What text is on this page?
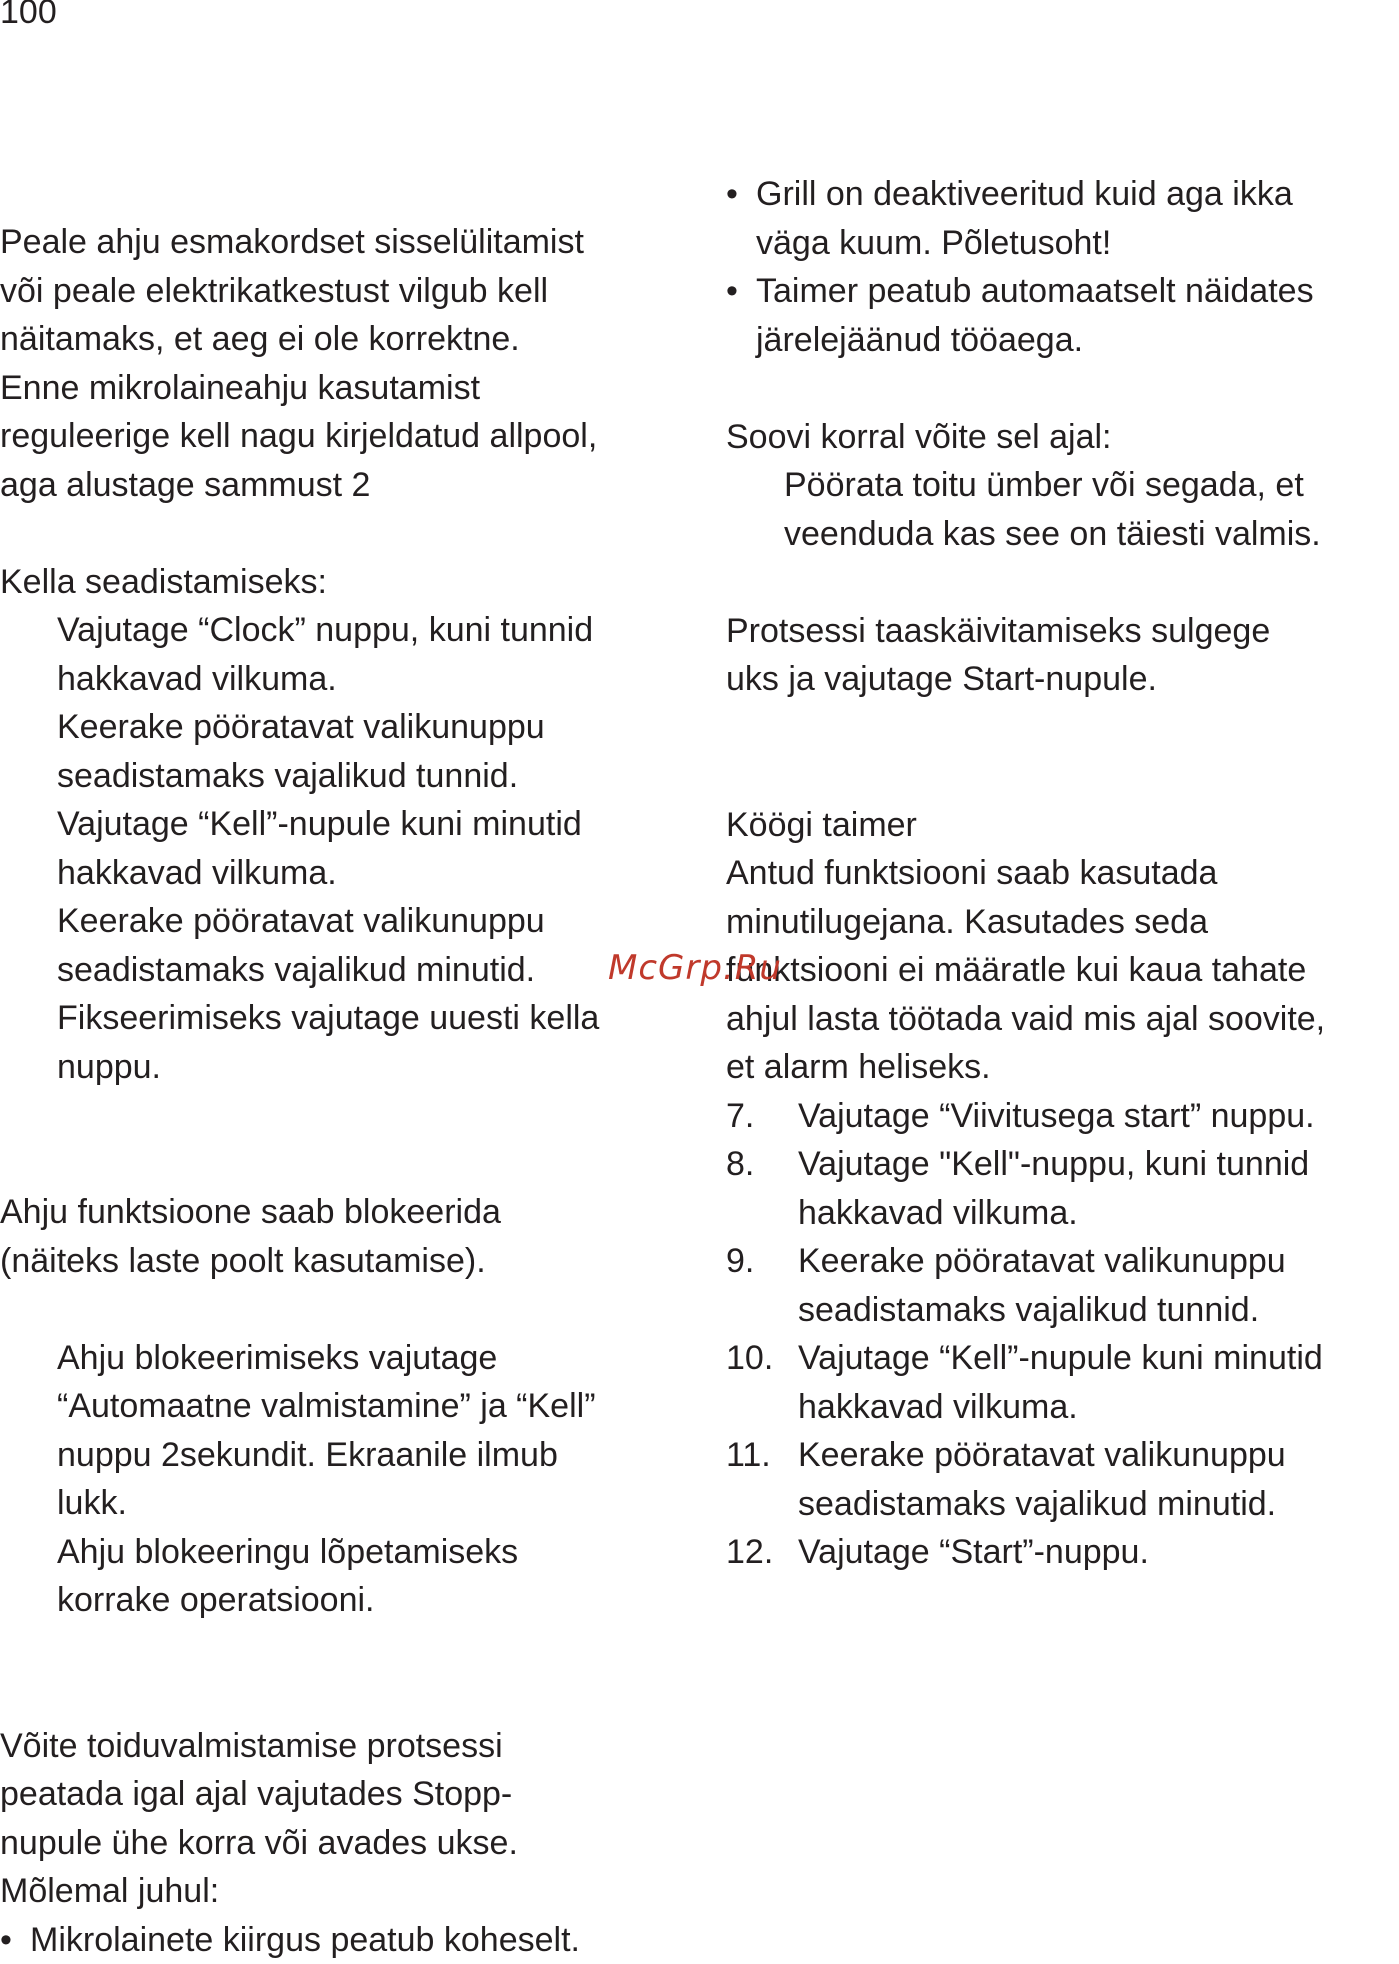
100

Peale ahju esmakordset sisselülitamist

või peale elektrikatkestust vilgub kell

näitamaks, et aeg ei ole korrektne.

Enne mikrolaineahju kasutamist

reguleerige kell nagu kirjeldatud allpool,

aga alustage sammust 2

Kella seadistamiseks:

Vajutage “Clock” nuppu, kuni tunnid

hakkavad vilkuma.

Keerake pööratavat valikunuppu

seadistamaks vajalikud tunnid.

Vajutage “Kell”-nupule kuni minutid

hakkavad vilkuma.

Keerake pööratavat valikunuppu

seadistamaks vajalikud minutid.

Fikseerimiseks vajutage uuesti kella

nuppu.

Ahju funktsioone saab blokeerida

(näiteks laste poolt kasutamise).

Ahju blokeerimiseks vajutage

“Automaatne valmistamine” ja “Kell”

nuppu 2sekundit. Ekraanile ilmub

lukk.

Ahju blokeeringu lõpetamiseks

korrake operatsiooni.

Võite toiduvalmistamise protsessi

peatada igal ajal vajutades Stopp-

nupule ühe korra või avades ukse.

Mõlemal juhul:

• Mikrolainete kiirgus peatub koheselt.
• Grill on deaktiveeritud kuid aga ikka

väga kuum. Põletusoht!

• Taimer peatub automaatselt näidates

järelejäänud tööaega.

Soovi korral võite sel ajal:

Pöörata toitu ümber või segada, et

veenduda kas see on täiesti valmis.

Protsessi taaskäivitamiseks sulgege

uks ja vajutage Start-nupule.

Köögi taimer

Antud funktsiooni saab kasutada

minutilugejana. Kasutades seda

funktsiooni ei määratle kui kaua tahate

ahjul lasta töötada vaid mis ajal soovite,

et alarm heliseks.

7.	Vajutage “Viivitusega start” nuppu.

8.	Vajutage "Kell"-nuppu, kuni tunnid

hakkavad vilkuma.

9.	Keerake pööratavat valikunuppu

seadistamaks vajalikud tunnid.

10. Vajutage “Kell”-nupule kuni minutid

hakkavad vilkuma.

11. Keerake pööratavat valikunuppu

seadistamaks vajalikud minutid.

12. Vajutage “Start”-nuppu.

McGrp.Ru
